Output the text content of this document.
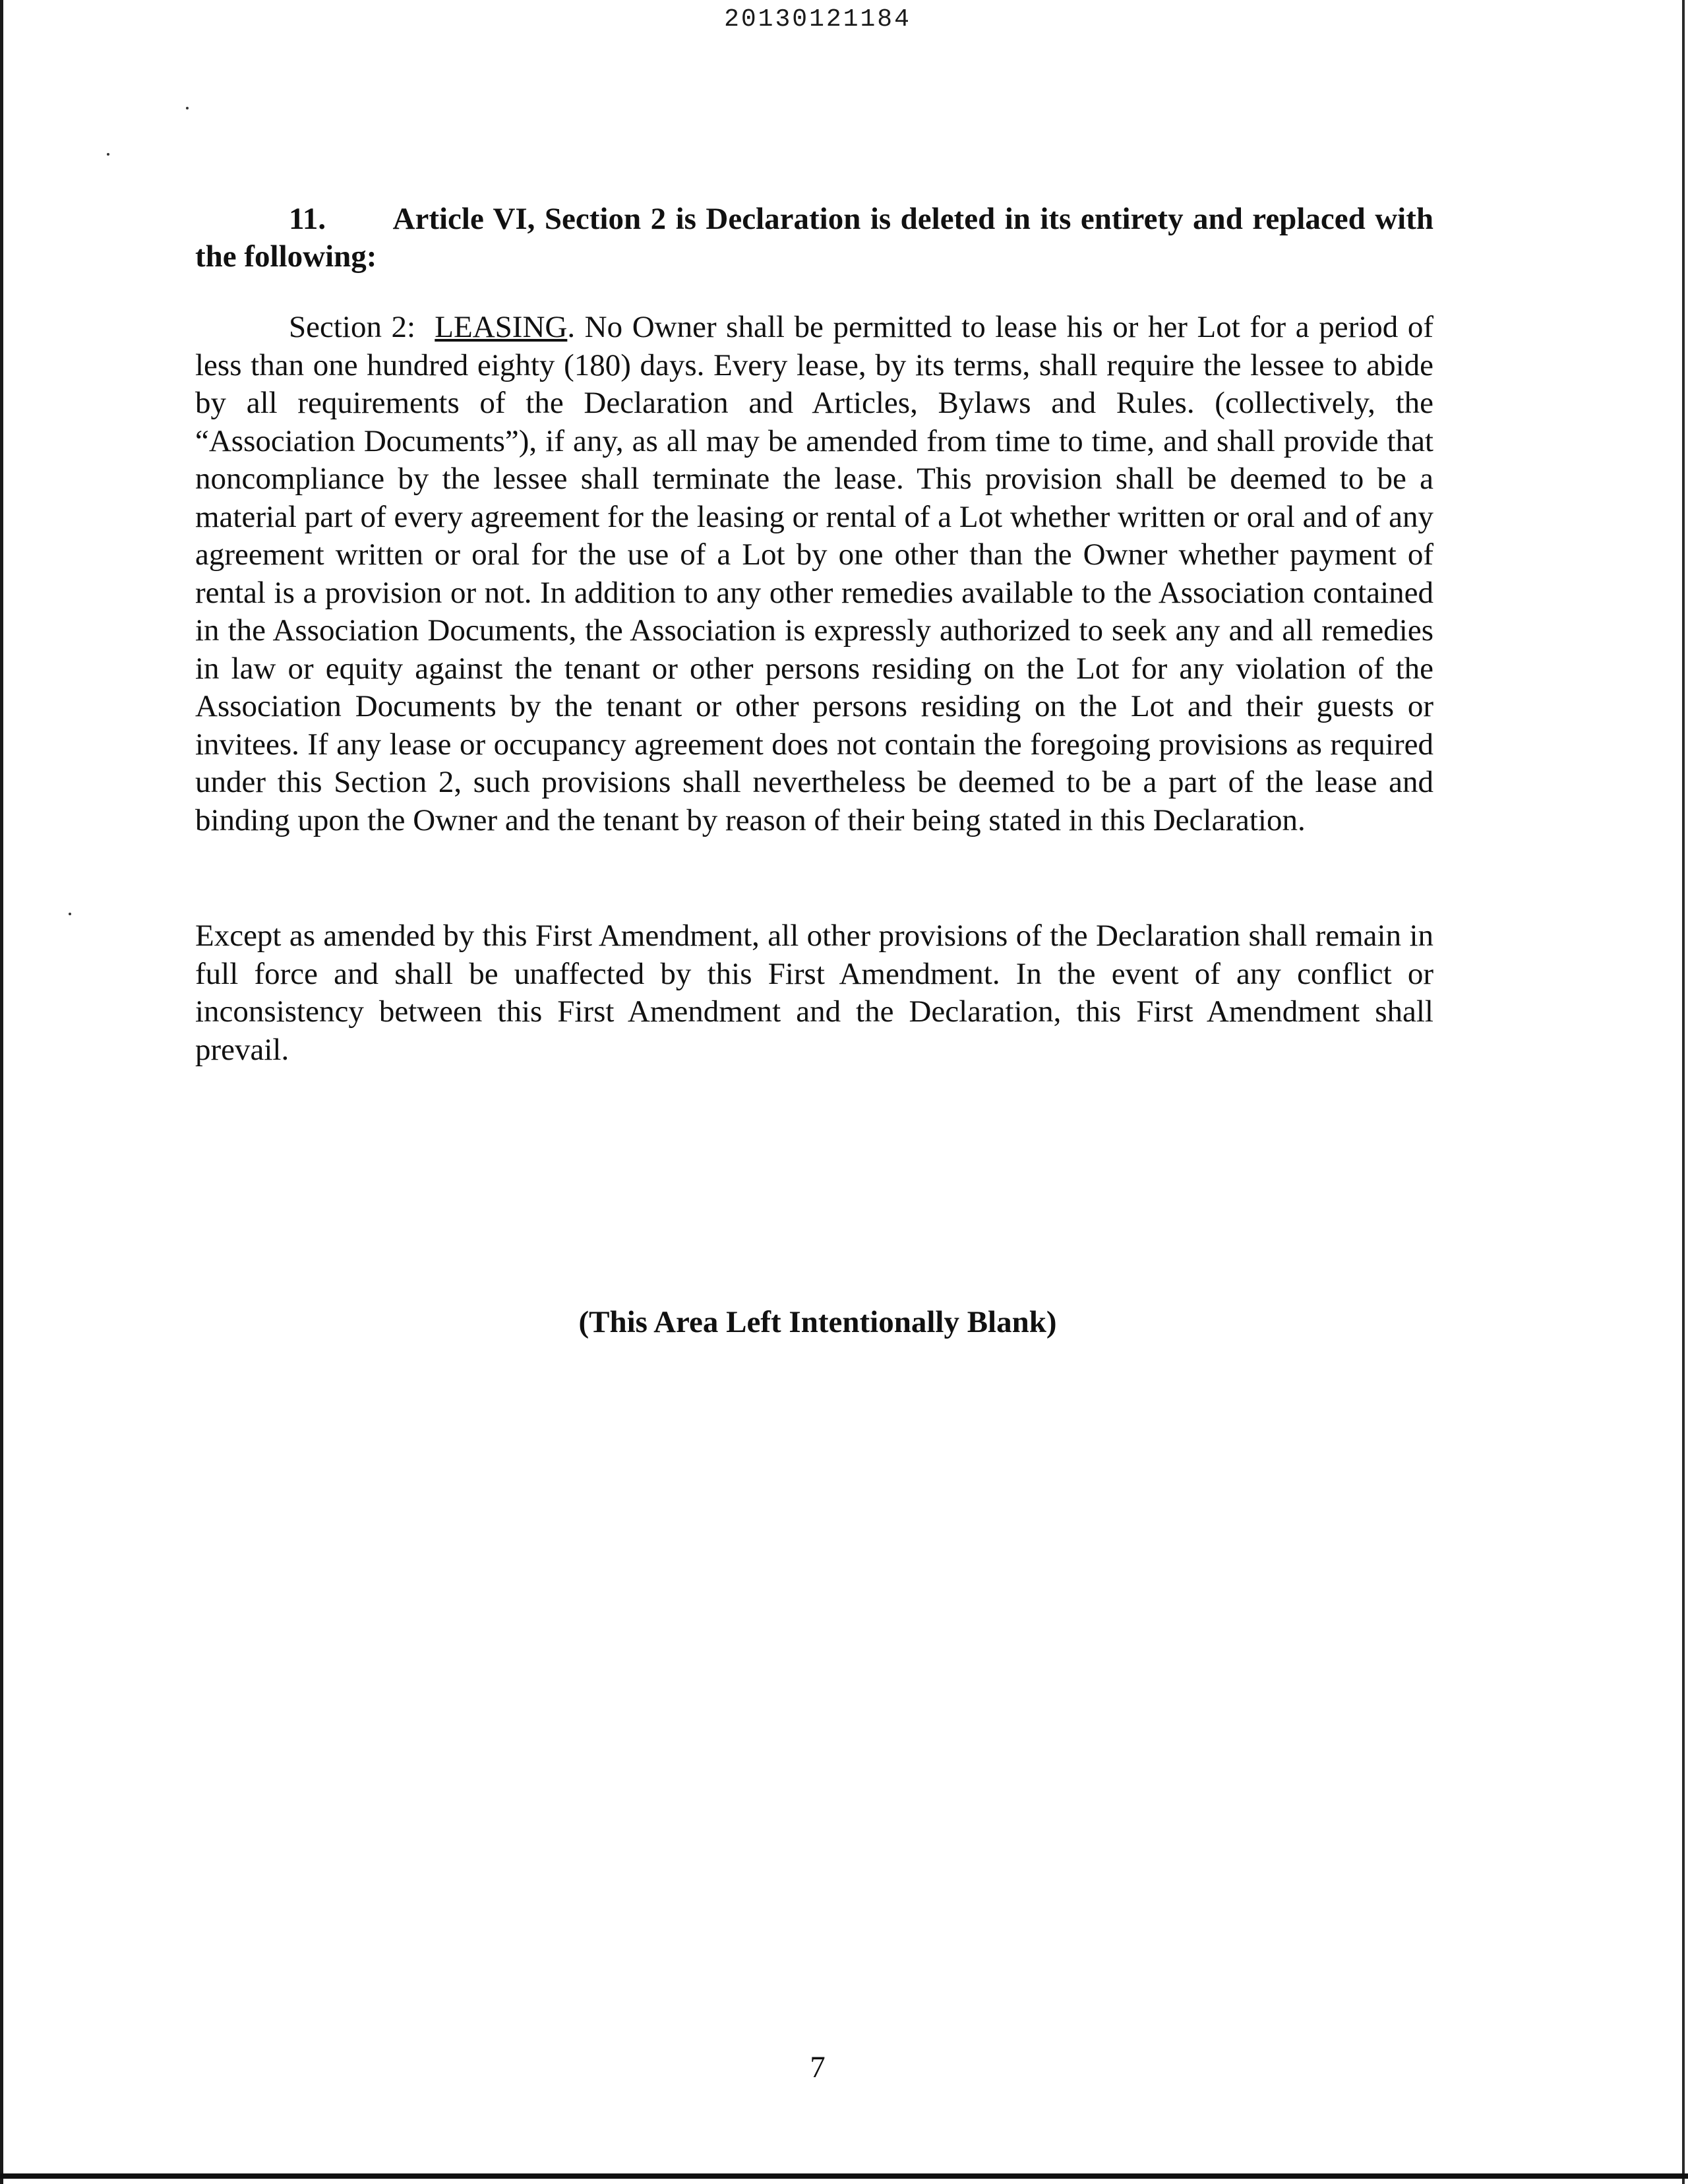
20130121184

11. Article VI, Section 2 is Declaration is deleted in its entirety and replaced with the following:

Section 2: LEASING. No Owner shall be permitted to lease his or her Lot for a period of less than one hundred eighty (180) days. Every lease, by its terms, shall require the lessee to abide by all requirements of the Declaration and Articles, Bylaws and Rules. (collectively, the “Association Documents”), if any, as all may be amended from time to time, and shall provide that noncompliance by the lessee shall terminate the lease. This provision shall be deemed to be a material part of every agreement for the leasing or rental of a Lot whether written or oral and of any agreement written or oral for the use of a Lot by one other than the Owner whether payment of rental is a provision or not. In addition to any other remedies available to the Association contained in the Association Documents, the Association is expressly authorized to seek any and all remedies in law or equity against the tenant or other persons residing on the Lot for any violation of the Association Documents by the tenant or other persons residing on the Lot and their guests or invitees. If any lease or occupancy agreement does not contain the foregoing provisions as required under this Section 2, such provisions shall nevertheless be deemed to be a part of the lease and binding upon the Owner and the tenant by reason of their being stated in this Declaration.

Except as amended by this First Amendment, all other provisions of the Declaration shall remain in full force and shall be unaffected by this First Amendment. In the event of any conflict or inconsistency between this First Amendment and the Declaration, this First Amendment shall prevail.

(This Area Left Intentionally Blank)
7
